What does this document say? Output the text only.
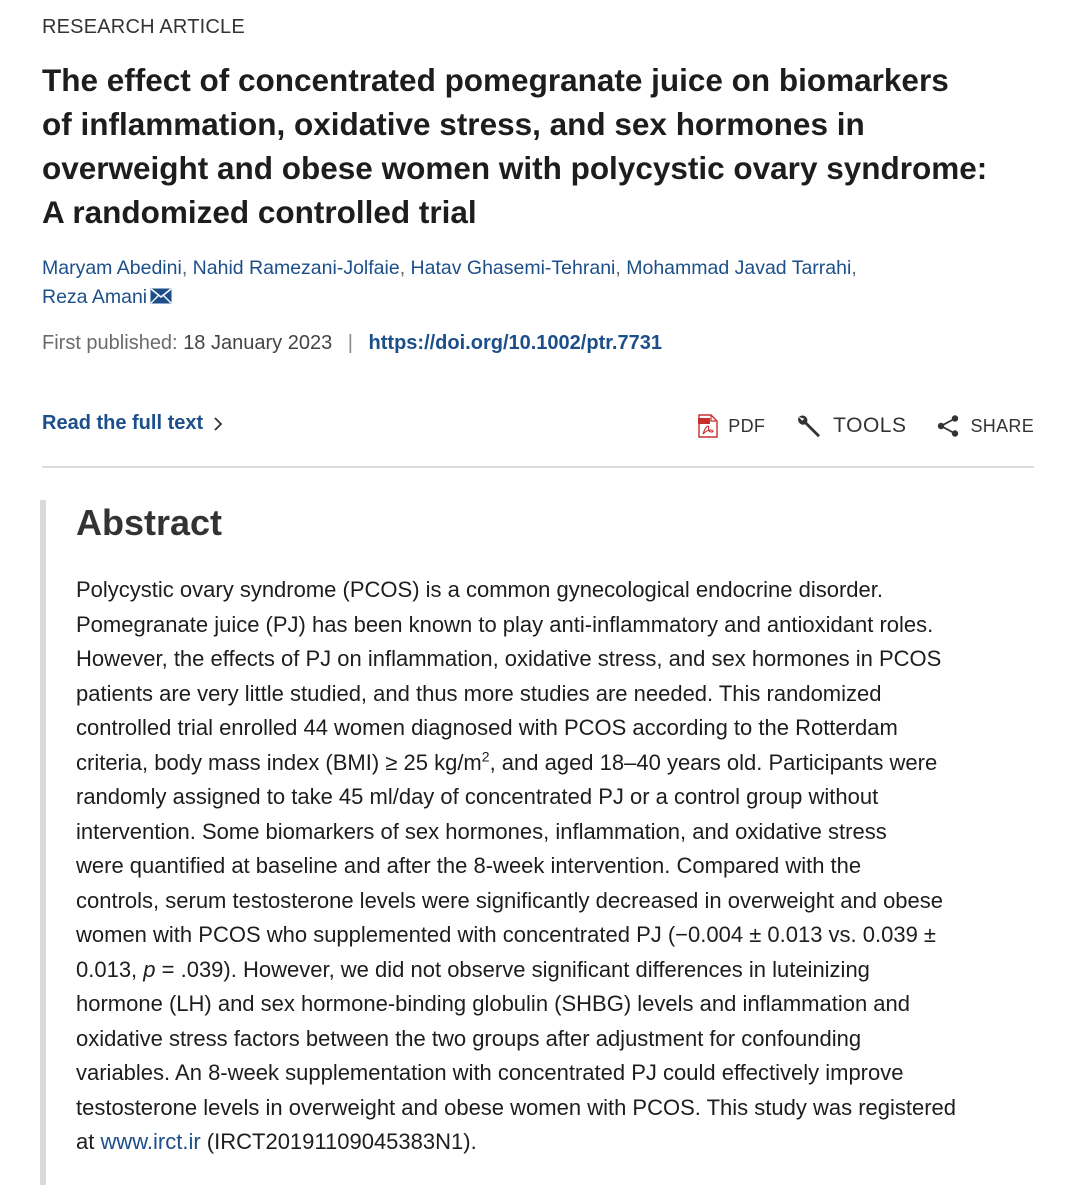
RESEARCH ARTICLE
The effect of concentrated pomegranate juice on biomarkers
of inflammation, oxidative stress, and sex hormones in
overweight and obese women with polycystic ovary syndrome:
A randomized controlled trial
Maryam Abedini, Nahid Ramezani-Jolfaie, Hatav Ghasemi-Tehrani, Mohammad Javad Tarrahi,
Reza Amani
First published: 18 January 2023 | https://doi.org/10.1002/ptr.7731
Read the full text	PDF	TOOLS	SHARE
Abstract
Polycystic ovary syndrome (PCOS) is a common gynecological endocrine disorder.
Pomegranate juice (PJ) has been known to play anti-inflammatory and antioxidant roles.
However, the effects of PJ on inflammation, oxidative stress, and sex hormones in PCOS
patients are very little studied, and thus more studies are needed. This randomized
controlled trial enrolled 44 women diagnosed with PCOS according to the Rotterdam
criteria, body mass index (BMI) ≥ 25 $kg/m^2$, and aged 18–40 years old. Participants were
randomly assigned to take 45 ml/day of concentrated PJ or a control group without
intervention. Some biomarkers of sex hormones, inflammation, and oxidative stress
were quantified at baseline and after the 8-week intervention. Compared with the
controls, serum testosterone levels were significantly decreased in overweight and obese
women with PCOS who supplemented with concentrated PJ (−0.004 ± 0.013 vs. 0.039 ±
0.013, p = .039). However, we did not observe significant differences in luteinizing
hormone (LH) and sex hormone-binding globulin (SHBG) levels and inflammation and
oxidative stress factors between the two groups after adjustment for confounding
variables. An 8-week supplementation with concentrated PJ could effectively improve
testosterone levels in overweight and obese women with PCOS. This study was registered
at www.irct.ir (IRCT20191109045383N1).
